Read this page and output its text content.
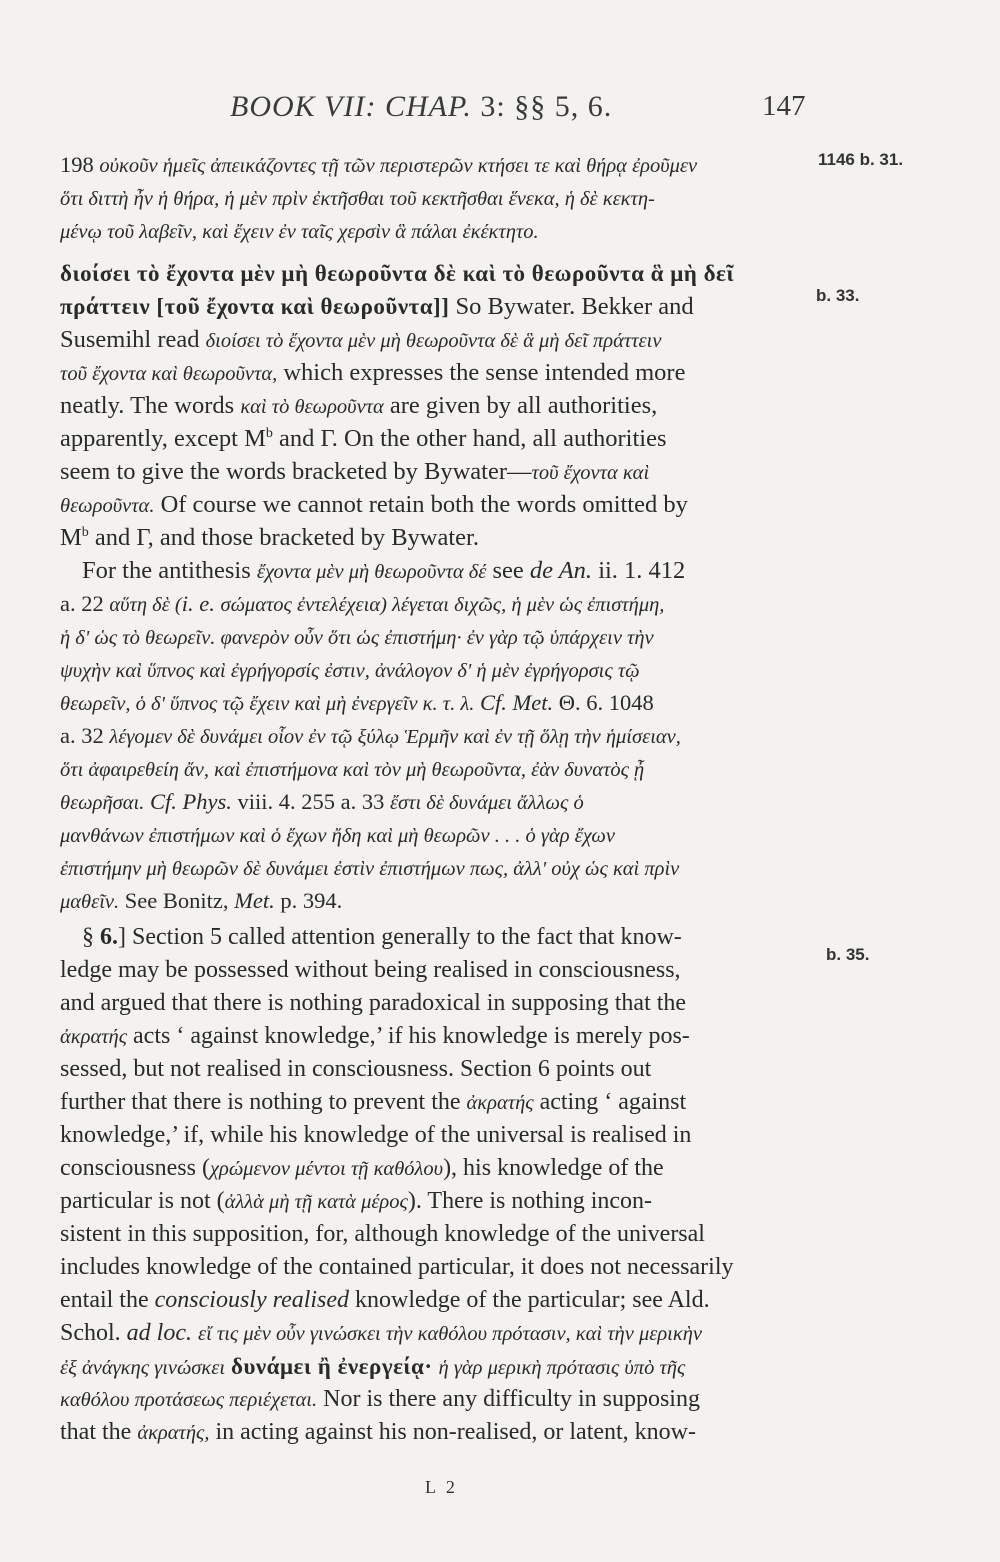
BOOK VII: CHAP. 3: §§ 5, 6.	147
1146 b. 31.
b. 33.
b. 35.
198 οὐκοῦν ἡμεῖς ἀπεικάζοντες τῇ τῶν περιστερῶν κτήσει τε καὶ θήρᾳ ἐροῦμεν
ὅτι διττὴ ἦν ἡ θήρα, ἡ μὲν πρὶν ἐκτῆσθαι τοῦ κεκτῆσθαι ἕνεκα, ἡ δὲ κεκτη-
μένῳ τοῦ λαβεῖν, καὶ ἔχειν ἐν ταῖς χερσὶν ἃ πάλαι ἐκέκτητο.
διοίσει τὸ ἔχοντα μὲν μὴ θεωροῦντα δὲ καὶ τὸ θεωροῦντα ἃ μὴ δεῖ
πράττειν [τοῦ ἔχοντα καὶ θεωροῦντα]] So Bywater. Bekker and
Susemihl read διοίσει τὸ ἔχοντα μὲν μὴ θεωροῦντα δὲ ἃ μὴ δεῖ πράττειν
τοῦ ἔχοντα καὶ θεωροῦντα, which expresses the sense intended more
neatly. The words καὶ τὸ θεωροῦντα are given by all authorities,
apparently, except $M^b$ and Γ. On the other hand, all authorities
seem to give the words bracketed by Bywater—τοῦ ἔχοντα καὶ
θεωροῦντα. Of course we cannot retain both the words omitted by
$M^b$ and Γ, and those bracketed by Bywater.
For the antithesis ἔχοντα μὲν μὴ θεωροῦντα δέ see de An. ii. 1. 412
a. 22 αὕτη δὲ (i. e. σώματος ἐντελέχεια) λέγεται διχῶς, ἡ μὲν ὡς ἐπιστήμη,
ἡ δ' ὡς τὸ θεωρεῖν. φανερὸν οὖν ὅτι ὡς ἐπιστήμη· ἐν γὰρ τῷ ὑπάρχειν τὴν
ψυχὴν καὶ ὕπνος καὶ ἐγρήγορσίς ἐστιν, ἀνάλογον δ' ἡ μὲν ἐγρήγορσις τῷ
θεωρεῖν, ὁ δ' ὕπνος τῷ ἔχειν καὶ μὴ ἐνεργεῖν κ. τ. λ. Cf. Met. Θ. 6. 1048
a. 32 λέγομεν δὲ δυνάμει οἷον ἐν τῷ ξύλῳ Ἑρμῆν καὶ ἐν τῇ ὅλῃ τὴν ἡμίσειαν,
ὅτι ἀφαιρεθείη ἄν, καὶ ἐπιστήμονα καὶ τὸν μὴ θεωροῦντα, ἐὰν δυνατὸς ᾖ
θεωρῆσαι. Cf. Phys. viii. 4. 255 a. 33 ἔστι δὲ δυνάμει ἄλλως ὁ
μανθάνων ἐπιστήμων καὶ ὁ ἔχων ἤδη καὶ μὴ θεωρῶν . . . ὁ γὰρ ἔχων
ἐπιστήμην μὴ θεωρῶν δὲ δυνάμει ἐστὶν ἐπιστήμων πως, ἀλλ' οὐχ ὡς καὶ πρὶν
μαθεῖν. See Bonitz, Met. p. 394.
§ 6.] Section 5 called attention generally to the fact that know-
ledge may be possessed without being realised in consciousness,
and argued that there is nothing paradoxical in supposing that the
ἀκρατής acts ‘ against knowledge,’ if his knowledge is merely pos-
sessed, but not realised in consciousness. Section 6 points out
further that there is nothing to prevent the ἀκρατής acting ‘ against
knowledge,’ if, while his knowledge of the universal is realised in
consciousness (χρώμενον μέντοι τῇ καθόλου), his knowledge of the
particular is not (ἀλλὰ μὴ τῇ κατὰ μέρος). There is nothing incon-
sistent in this supposition, for, although knowledge of the universal
includes knowledge of the contained particular, it does not necessarily
entail the consciously realised knowledge of the particular; see Ald.
Schol. ad loc. εἴ τις μὲν οὖν γινώσκει τὴν καθόλου πρότασιν, καὶ τὴν μερικὴν
ἐξ ἀνάγκης γινώσκει δυνάμει ἢ ἐνεργείᾳ· ἡ γὰρ μερικὴ πρότασις ὑπὸ τῆς
καθόλου προτάσεως περιέχεται. Nor is there any difficulty in supposing
that the ἀκρατής, in acting against his non-realised, or latent, know-
L 2
